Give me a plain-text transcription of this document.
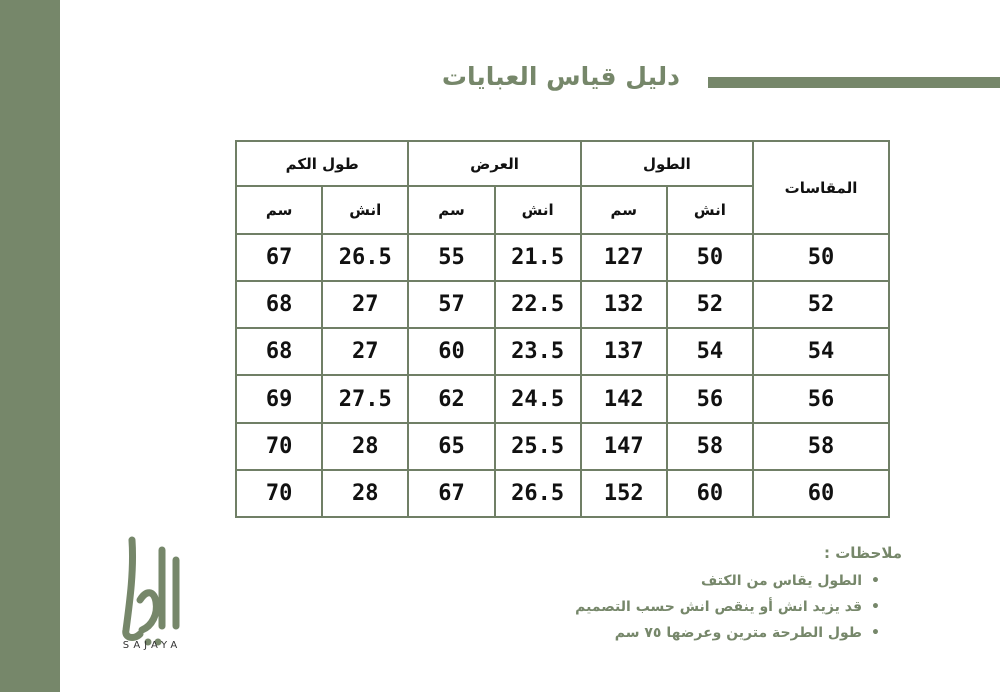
دليل قياس العبايات
المقاسات	الطول		العرض		طول الكم	
	انش	سم	انش	سم	انش	سم
50	50	127	21.5	55	26.5	67
52	52	132	22.5	57	27	68
54	54	137	23.5	60	27	68
56	56	142	24.5	62	27.5	69
58	58	147	25.5	65	28	70
60	60	152	26.5	67	28	70
SAJAYA
ملاحظات :
• الطول يقاس من الكتف
• قد يزيد انش أو ينقص انش حسب التصميم
• طول الطرحة مترين وعرضها ٧٥ سم
